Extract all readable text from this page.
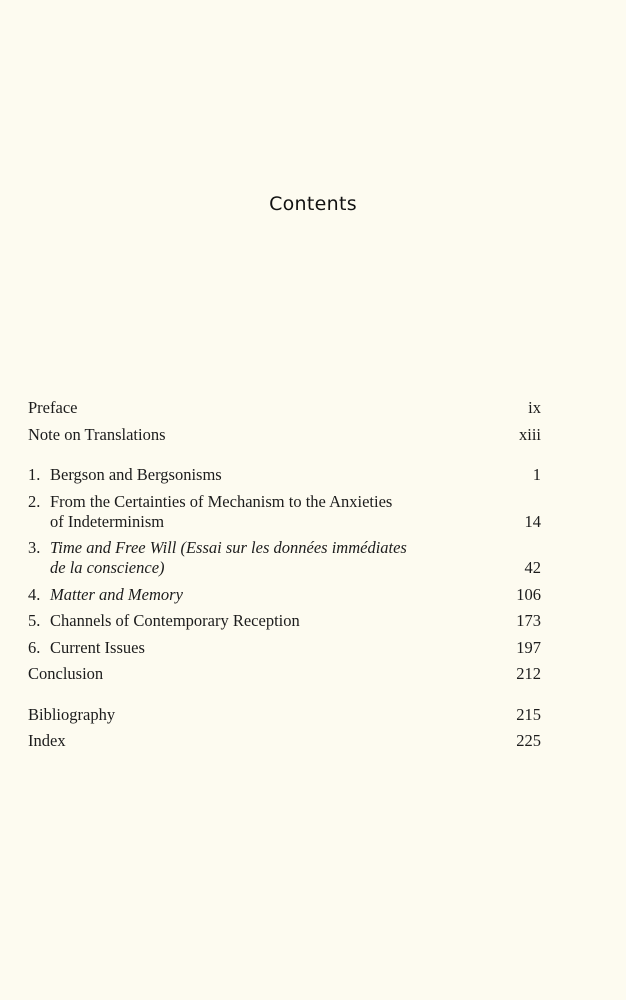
Contents
Preface	ix
Note on Translations	xiii
1. Bergson and Bergsonisms	1
2. From the Certainties of Mechanism to the Anxieties
of Indeterminism	14
3. Time and Free Will (Essai sur les données immédiates
de la conscience)	42
4. Matter and Memory	106
5. Channels of Contemporary Reception	173
6. Current Issues	197
Conclusion	212
Bibliography	215
Index	225
